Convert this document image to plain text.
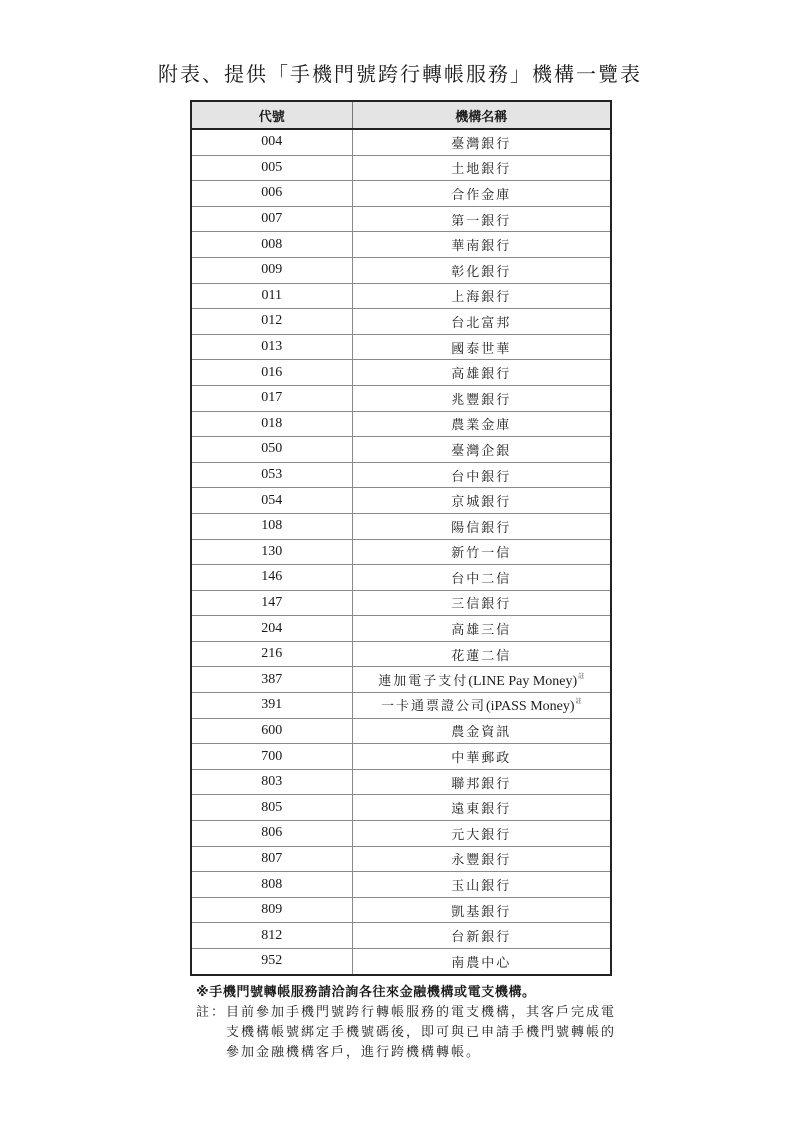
附表、提供「手機門號跨行轉帳服務」機構一覽表
代號	機構名稱
004	臺灣銀行
005	土地銀行
006	合作金庫
007	第一銀行
008	華南銀行
009	彰化銀行
011	上海銀行
012	台北富邦
013	國泰世華
016	高雄銀行
017	兆豐銀行
018	農業金庫
050	臺灣企銀
053	台中銀行
054	京城銀行
108	陽信銀行
130	新竹一信
146	台中二信
147	三信銀行
204	高雄三信
216	花蓮二信
387	連加電子支付(LINE Pay Money)$^註$
391	一卡通票證公司(iPASS Money)$^註$
600	農金資訊
700	中華郵政
803	聯邦銀行
805	遠東銀行
806	元大銀行
807	永豐銀行
808	玉山銀行
809	凱基銀行
812	台新銀行
952	南農中心
※手機門號轉帳服務請洽詢各往來金融機構或電支機構。
註： 目前參加手機門號跨行轉帳服務的電支機構，其客戶完成電支機構帳號綁定手機號碼後，即可與已申請手機門號轉帳的參加金融機構客戶，進行跨機構轉帳。
